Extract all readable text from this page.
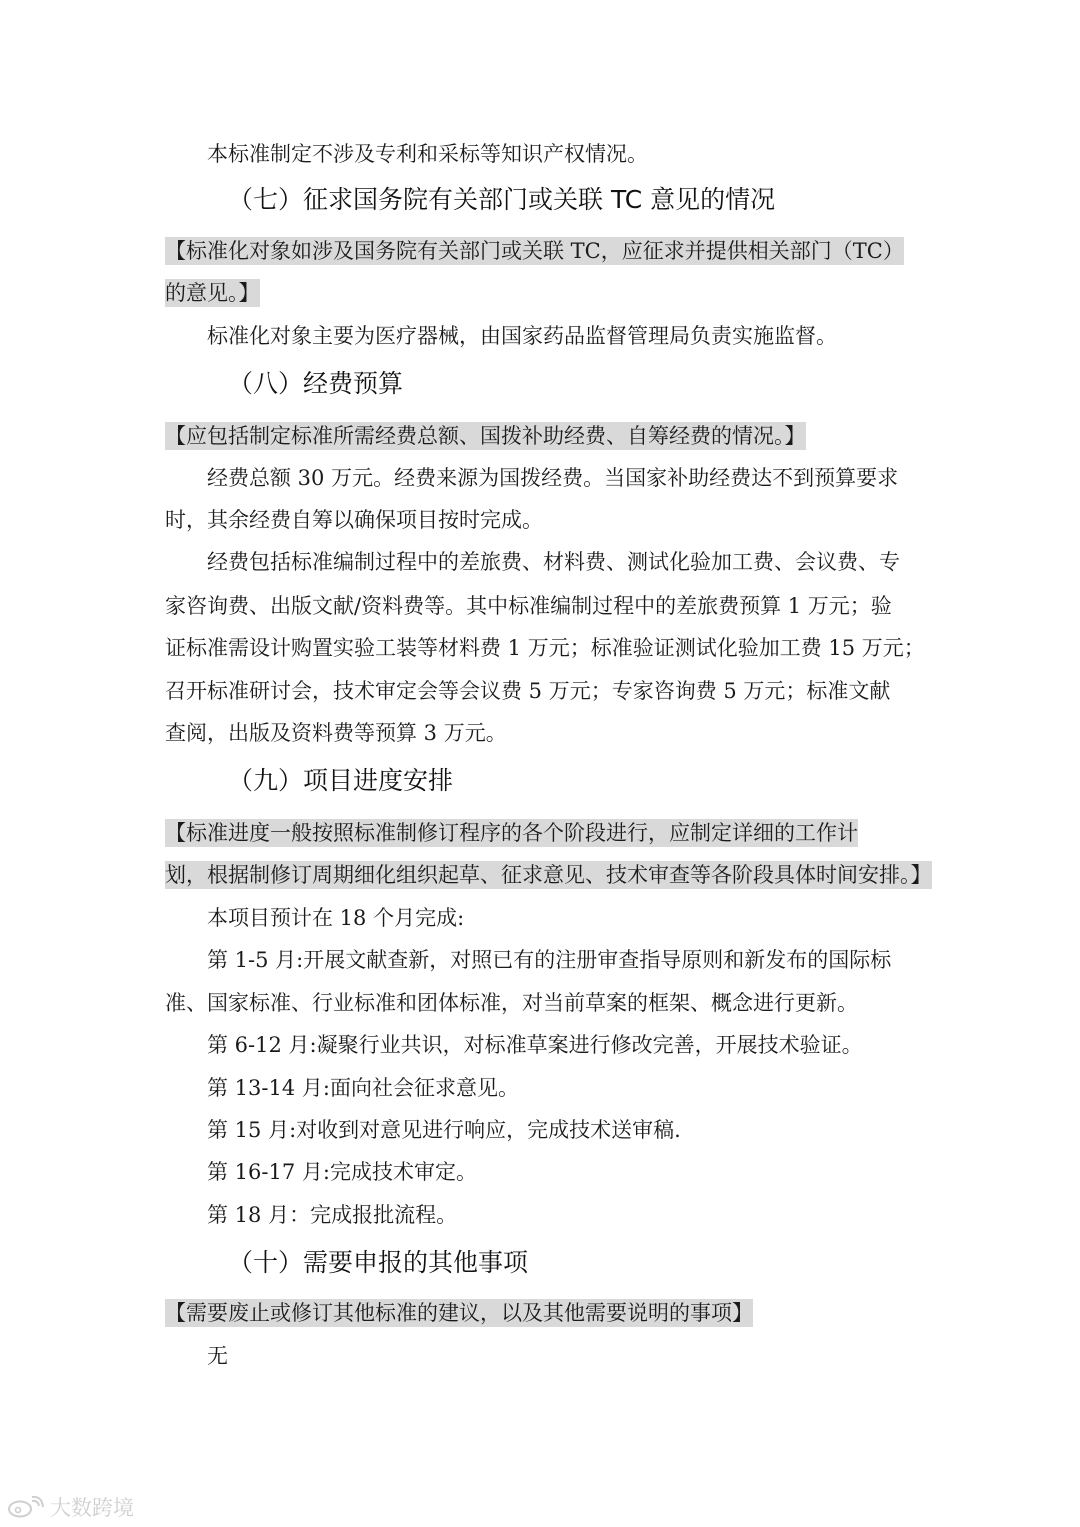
本标准制定不涉及专利和采标等知识产权情况。
（七）征求国务院有关部门或关联 TC 意见的情况
【标准化对象如涉及国务院有关部门或关联 TC，应征求并提供相关部门（TC）
的意见。】
标准化对象主要为医疗器械，由国家药品监督管理局负责实施监督。
（八）经费预算
【应包括制定标准所需经费总额、国拨补助经费、自筹经费的情况。】
经费总额 30 万元。经费来源为国拨经费。当国家补助经费达不到预算要求
时，其余经费自筹以确保项目按时完成。
经费包括标准编制过程中的差旅费、材料费、测试化验加工费、会议费、专
家咨询费、出版文献/资料费等。其中标准编制过程中的差旅费预算 1 万元；验
证标准需设计购置实验工装等材料费 1 万元；标准验证测试化验加工费 15 万元；
召开标准研讨会，技术审定会等会议费 5 万元；专家咨询费 5 万元；标准文献
查阅，出版及资料费等预算 3 万元。
（九）项目进度安排
【标准进度一般按照标准制修订程序的各个阶段进行，应制定详细的工作计
划，根据制修订周期细化组织起草、征求意见、技术审查等各阶段具体时间安排。】
本项目预计在 18 个月完成:
第 1-5 月:开展文献查新，对照已有的注册审查指导原则和新发布的国际标
准、国家标准、行业标准和团体标准，对当前草案的框架、概念进行更新。
第 6-12 月:凝聚行业共识，对标准草案进行修改完善，开展技术验证。
第 13-14 月:面向社会征求意见。
第 15 月:对收到对意见进行响应，完成技术送审稿.
第 16-17 月:完成技术审定。
第 18 月：完成报批流程。
（十）需要申报的其他事项
【需要废止或修订其他标准的建议，以及其他需要说明的事项】
无
大数跨境
